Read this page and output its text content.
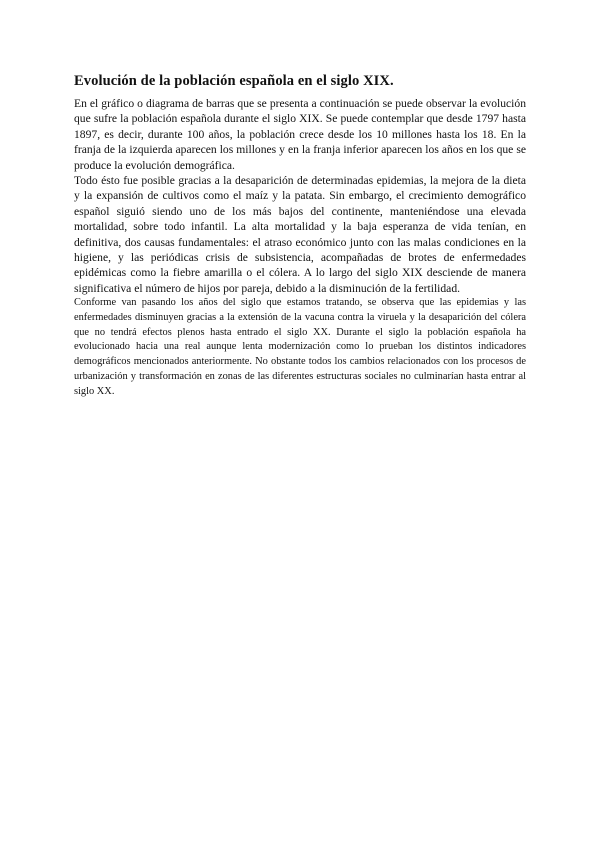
Evolución de la población española en el siglo XIX.

En el gráfico o diagrama de barras que se presenta a continuación se puede observar la evolución que sufre la población española durante el siglo XIX. Se puede contemplar que desde 1797 hasta 1897, es decir, durante 100 años, la población crece desde los 10 millones hasta los 18. En la franja de la izquierda aparecen los millones y en la franja inferior aparecen los años en los que se produce la evolución demográfica.

Todo ésto fue posible gracias a la desaparición de determinadas epidemias, la mejora de la dieta y la expansión de cultivos como el maíz y la patata. Sin embargo, el crecimiento demográfico español siguió siendo uno de los más bajos del continente, manteniéndose una elevada mortalidad, sobre todo infantil. La alta mortalidad y la baja esperanza de vida tenían, en definitiva, dos causas fundamentales: el atraso económico junto con las malas condiciones en la higiene, y las periódicas crisis de subsistencia, acompañadas de brotes de enfermedades epidémicas como la fiebre amarilla o el cólera. A lo largo del siglo XIX desciende de manera significativa el número de hijos por pareja, debido a la disminución de la fertilidad.

Conforme van pasando los años del siglo que estamos tratando, se observa que las epidemias y las enfermedades disminuyen gracias a la extensión de la vacuna contra la viruela y la desaparición del cólera que no tendrá efectos plenos hasta entrado el siglo XX. Durante el siglo la población española ha evolucionado hacia una real aunque lenta modernización como lo prueban los distintos indicadores demográficos mencionados anteriormente. No obstante todos los cambios relacionados con los procesos de urbanización y transformación en zonas de las diferentes estructuras sociales no culminarían hasta entrar al siglo XX.
